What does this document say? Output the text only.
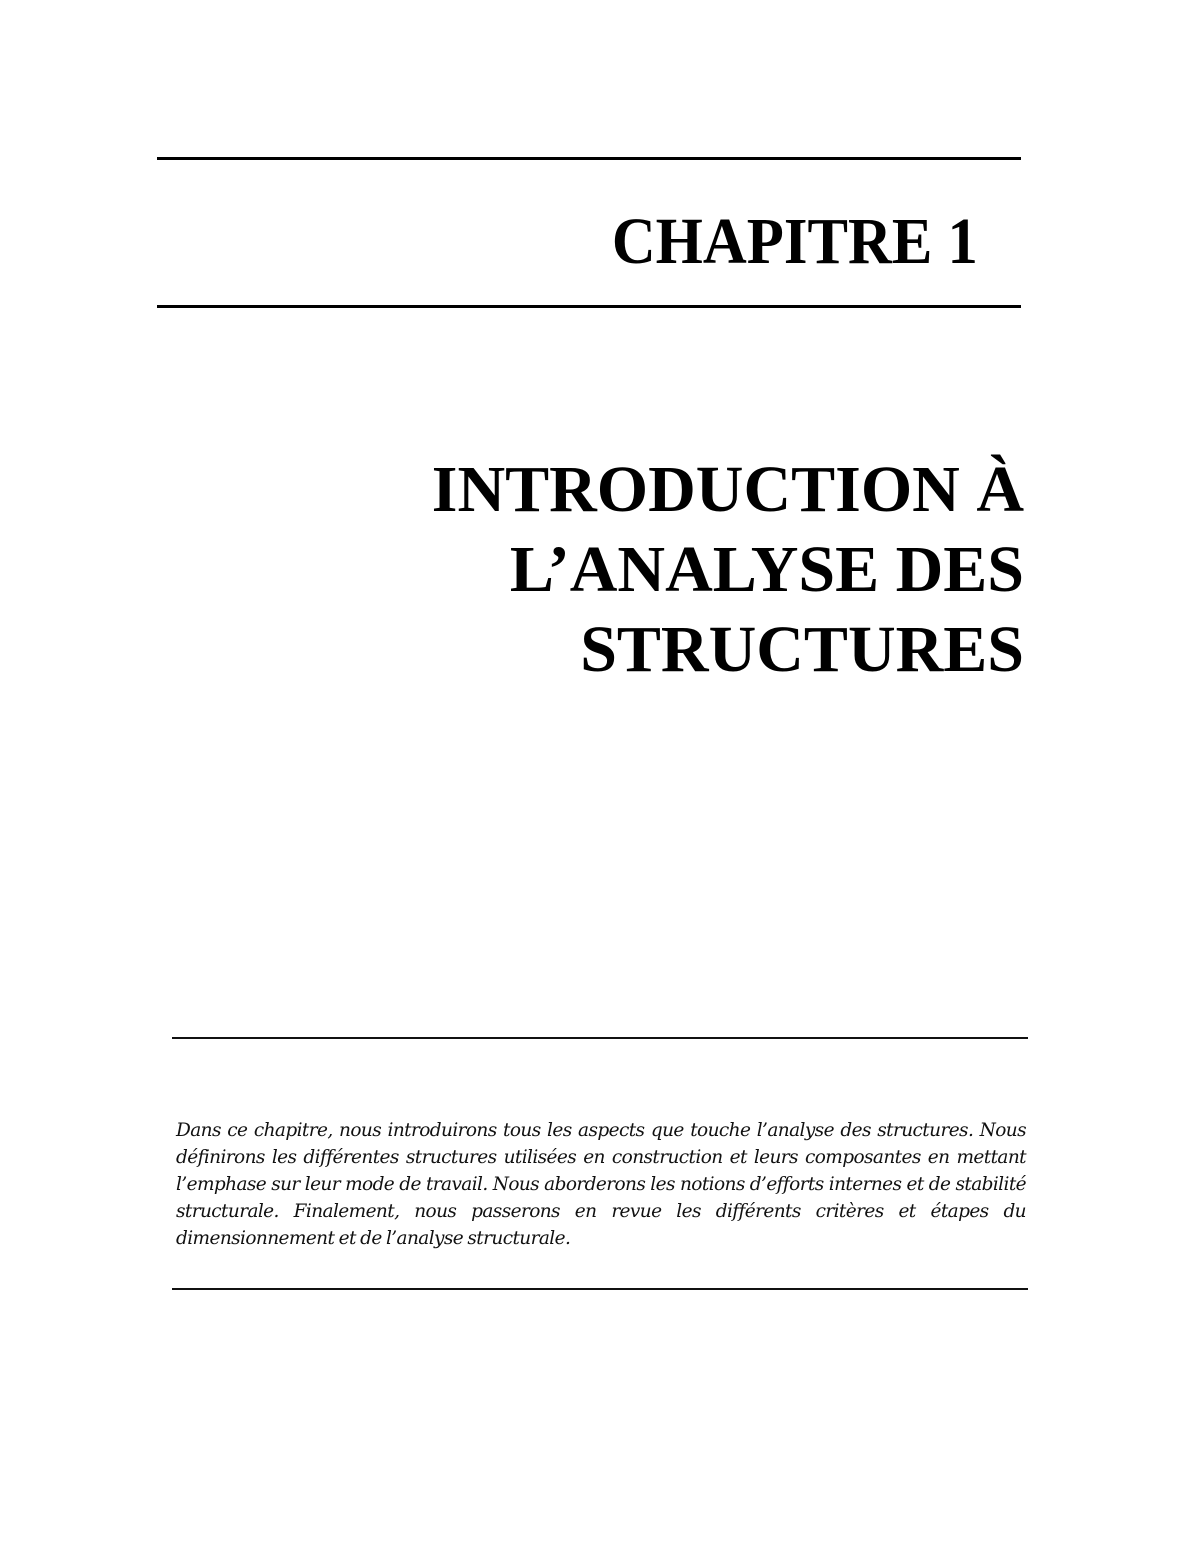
CHAPITRE 1
INTRODUCTION À
L’ANALYSE DES
STRUCTURES

Dans ce chapitre, nous introduirons tous les aspects que touche l’analyse des structures. Nous définirons les différentes structures utilisées en construction et leurs composantes en mettant l’emphase sur leur mode de travail. Nous aborderons les notions d’efforts internes et de stabilité structurale. Finalement, nous passerons en revue les différents critères et étapes du dimensionnement et de l’analyse structurale.
